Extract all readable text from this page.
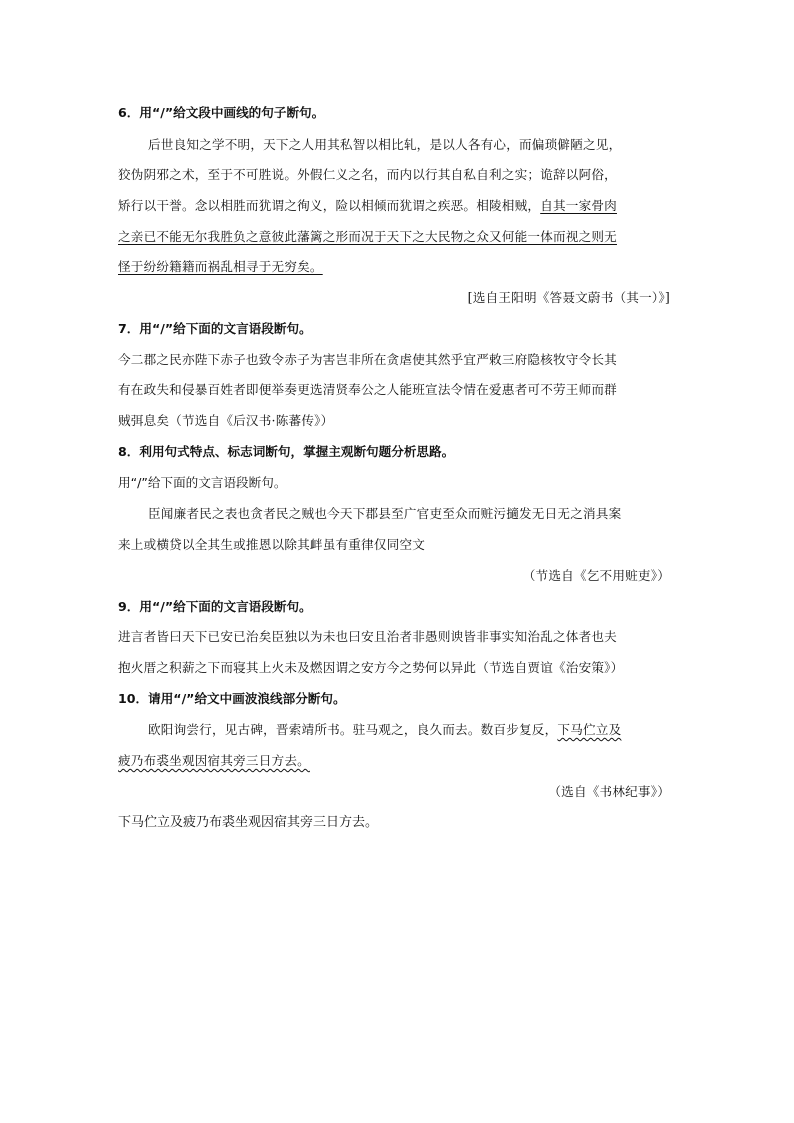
6．用“/”给文段中画线的句子断句。
后世良知之学不明，天下之人用其私智以相比轧，是以人各有心，而偏琐僻陋之见，
狡伪阴邪之术，至于不可胜说。外假仁义之名，而内以行其自私自利之实；诡辞以阿俗，
矫行以干誉。念以相胜而犹谓之徇义，险以相倾而犹谓之疾恶。相陵相贼，自其一家骨肉
之亲已不能无尔我胜负之意彼此藩篱之形而况于天下之大民物之众又何能一体而视之则无
怪于纷纷籍籍而祸乱相寻于无穷矣。
[选自王阳明《答聂文蔚书（其一）》]
7．用“/”给下面的文言语段断句。
今二郡之民亦陛下赤子也致令赤子为害岂非所在贪虐使其然乎宜严敕三府隐核牧守令长其
有在政失和侵暴百姓者即便举奏更选清贤奉公之人能班宣法令情在爱惠者可不劳王师而群
贼弭息矣（节选自《后汉书·陈蕃传》）
8．利用句式特点、标志词断句，掌握主观断句题分析思路。
用“/”给下面的文言语段断句。
臣闻廉者民之表也贪者民之贼也今天下郡县至广官吏至众而赃污擿发无日无之消具案
来上或横贷以全其生或推恩以除其衅虽有重律仅同空文
（节选自《乞不用赃吏》）
9．用“/”给下面的文言语段断句。
进言者皆曰天下已安已治矣臣独以为未也曰安且治者非愚则谀皆非事实知治乱之体者也夫
抱火厝之积薪之下而寝其上火未及燃因谓之安方今之势何以异此（节选自贾谊《治安策》）
10．请用“/”给文中画波浪线部分断句。
欧阳询尝行，见古碑，晋索靖所书。驻马观之，良久而去。数百步复反，下马伫立及
疲乃布裘坐观因宿其旁三日方去。
（选自《书林纪事》）
下马伫立及疲乃布裘坐观因宿其旁三日方去。
